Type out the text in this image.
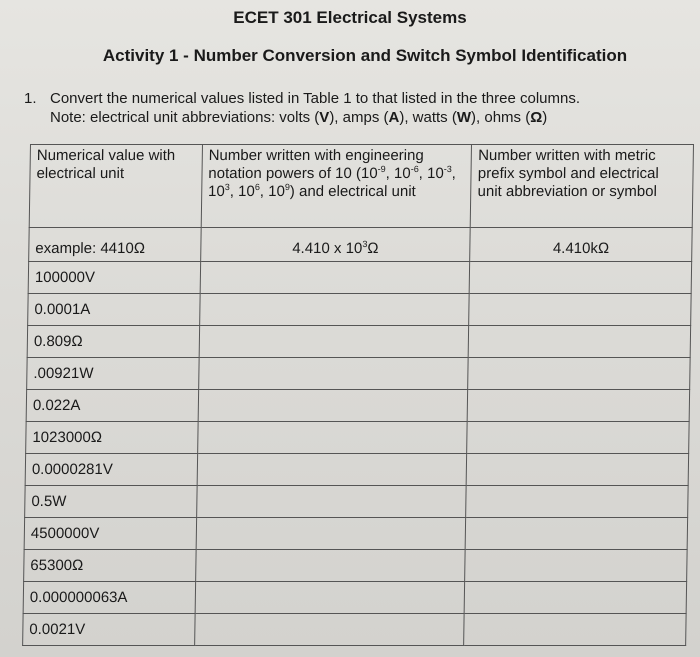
ECET 301 Electrical Systems
Activity 1 - Number Conversion and Switch Symbol Identification
1. Convert the numerical values listed in Table 1 to that listed in the three columns.
Note: electrical unit abbreviations: volts (V), amps (A), watts (W), ohms (Ω)
Numerical value with electrical unit	Number written with engineering notation powers of 10 ($10^{-9}$, $10^{-6}$, $10^{-3}$, $10^3$, $10^6$, $10^9$) and electrical unit	Number written with metric prefix symbol and electrical unit abbreviation or symbol
example: 4410Ω	4.410 x $10^3\Omega$	4.410kΩ
100000V		
0.0001A		
0.809Ω		
.00921W		
0.022A		
1023000Ω		
0.0000281V		
0.5W		
4500000V		
65300Ω		
0.000000063A		
0.0021V		
